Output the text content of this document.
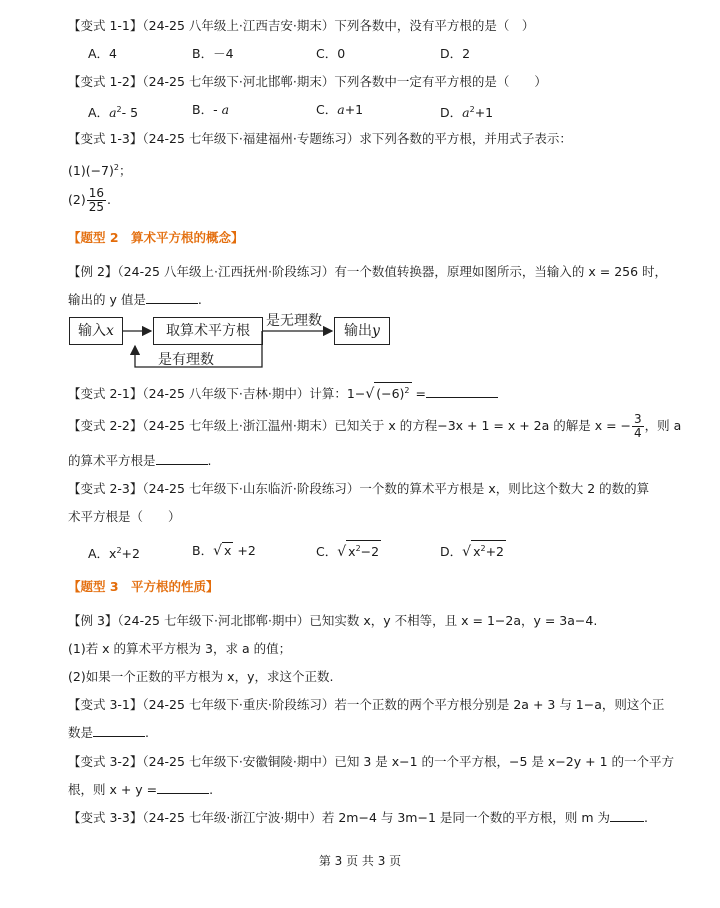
【变式 1-1】（24-25 八年级上·江西吉安·期末）下列各数中，没有平方根的是（　）
A．4	B．－4	C．0	D．2
【变式 1-2】（24-25 七年级下·河北邯郸·期末）下列各数中一定有平方根的是（　　）
A．$a^2-$ 5	B．- a	C．a+1	D．$a^2+1$
【变式 1-3】（24-25 七年级下·福建福州·专题练习）求下列各数的平方根，并用式子表示：
$(1)(-7)^2$；
$(2) \frac{16}{25}$ .
【题型 2　算术平方根的概念】
【例 2】（24-25 八年级上·江西抚州·阶段练习）有一个数值转换器，原理如图所示，当输入的 x = 256 时，
输出的 y 值是	.
输入x	取算术平方根	输出y
是无理数
是有理数
【变式 2-1】（24-25 八年级下·吉林·期中）计算：1−√ $(-6)^2$ =
【变式 2-2】（24-25 七年级上·浙江温州·期末）已知关于 x 的方程−3x + 1 = x + 2a 的解是 x = − $\frac{3}{4}$ ，则 a
的算术平方根是	.
【变式 2-3】（24-25 七年级下·山东临沂·阶段练习）一个数的算术平方根是 x，则比这个数大 2 的数的算
术平方根是（　　）
A．$x^2+2$	B．√ x +2	C．√ $x^2-2$	D．√ $x^2+2$
【题型 3　平方根的性质】
【例 3】（24-25 七年级下·河北邯郸·期中）已知实数 x，y 不相等，且 x = 1−2a，y = 3a−4.
(1)若 x 的算术平方根为 3，求 a 的值；
(2)如果一个正数的平方根为 x，y，求这个正数.
【变式 3-1】（24-25 七年级下·重庆·阶段练习）若一个正数的两个平方根分别是 2a + 3 与 1−a，则这个正
数是	.
【变式 3-2】（24-25 七年级下·安徽铜陵·期中）已知 3 是 x−1 的一个平方根，−5 是 x−2y + 1 的一个平方
根，则 x + y =	.
【变式 3-3】（24-25 七年级·浙江宁波·期中）若 2m−4 与 3m−1 是同一个数的平方根，则 m 为	.
第 3 页 共 3 页
